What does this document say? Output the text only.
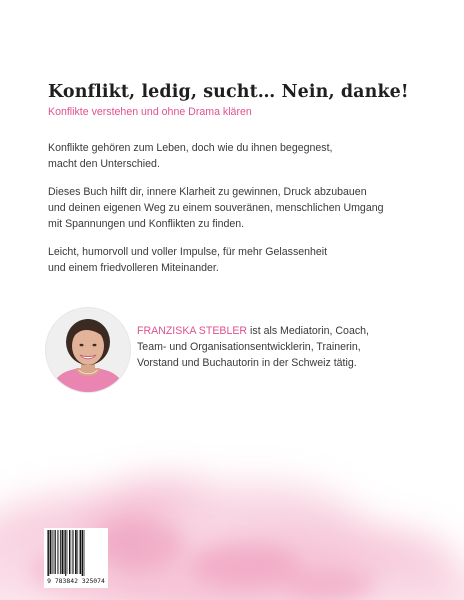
Konflikt, ledig, sucht… Nein, danke!

Konflikte verstehen und ohne Drama klären

Konflikte gehören zum Leben, doch wie du ihnen begegnest,
macht den Unterschied.

Dieses Buch hilft dir, innere Klarheit zu gewinnen, Druck abzubauen
und deinen eigenen Weg zu einem souveränen, menschlichen Umgang
mit Spannungen und Konflikten zu finden.

Leicht, humorvoll und voller Impulse, für mehr Gelassenheit
und einem friedvolleren Miteinander.

FRANZISKA STEBLER ist als Mediatorin, Coach,
Team- und Organisationsentwicklerin, Trainerin,
Vorstand und Buchautorin in der Schweiz tätig.
9 783842 325074
